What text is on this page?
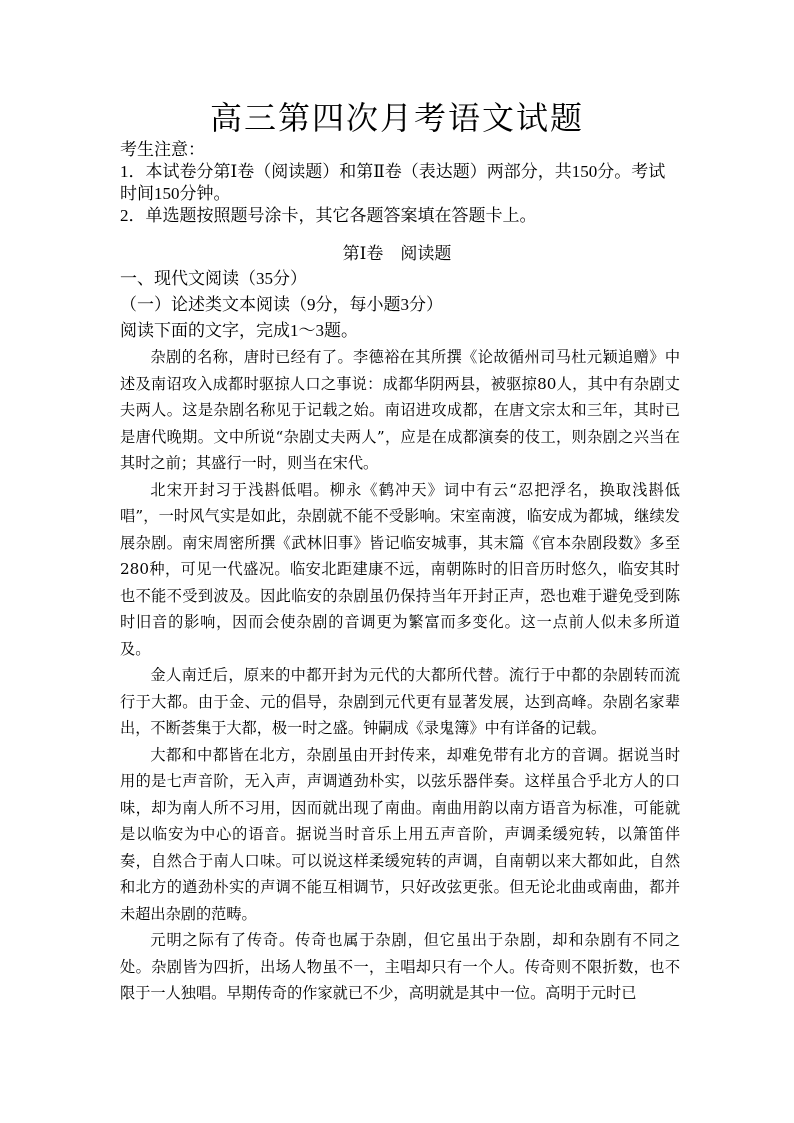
高三第四次月考语文试题
考生注意：
1．本试卷分第Ⅰ卷（阅读题）和第Ⅱ卷（表达题）两部分，共150分。考试时间150分钟。
2．单选题按照题号涂卡，其它各题答案填在答题卡上。
第Ⅰ卷　阅读题
一、现代文阅读（35分）
（一）论述类文本阅读（9分，每小题3分）
阅读下面的文字，完成1～3题。

杂剧的名称，唐时已经有了。李德裕在其所撰《论故循州司马杜元颖追赠》中述及南诏攻入成都时驱掠人口之事说：成都华阴两县，被驱掠80人，其中有杂剧丈夫两人。这是杂剧名称见于记载之始。南诏进攻成都，在唐文宗太和三年，其时已是唐代晚期。文中所说“杂剧丈夫两人”，应是在成都演奏的伎工，则杂剧之兴当在其时之前；其盛行一时，则当在宋代。

北宋开封习于浅斟低唱。柳永《鹤冲天》词中有云“忍把浮名，换取浅斟低唱”，一时风气实是如此，杂剧就不能不受影响。宋室南渡，临安成为都城，继续发展杂剧。南宋周密所撰《武林旧事》皆记临安城事，其末篇《官本杂剧段数》多至280种，可见一代盛况。临安北距建康不远，南朝陈时的旧音历时悠久，临安其时也不能不受到波及。因此临安的杂剧虽仍保持当年开封正声，恐也难于避免受到陈时旧音的影响，因而会使杂剧的音调更为繁富而多变化。这一点前人似未多所道及。

金人南迁后，原来的中都开封为元代的大都所代替。流行于中都的杂剧转而流行于大都。由于金、元的倡导，杂剧到元代更有显著发展，达到高峰。杂剧名家辈出，不断荟集于大都，极一时之盛。钟嗣成《录鬼簿》中有详备的记载。

大都和中都皆在北方，杂剧虽由开封传来，却难免带有北方的音调。据说当时用的是七声音阶，无入声，声调遒劲朴实，以弦乐器伴奏。这样虽合乎北方人的口味，却为南人所不习用，因而就出现了南曲。南曲用韵以南方语音为标准，可能就是以临安为中心的语音。据说当时音乐上用五声音阶，声调柔缓宛转，以箫笛伴奏，自然合于南人口味。可以说这样柔缓宛转的声调，自南朝以来大都如此，自然和北方的遒劲朴实的声调不能互相调节，只好改弦更张。但无论北曲或南曲，都并未超出杂剧的范畴。

元明之际有了传奇。传奇也属于杂剧，但它虽出于杂剧，却和杂剧有不同之处。杂剧皆为四折，出场人物虽不一，主唱却只有一个人。传奇则不限折数，也不限于一人独唱。早期传奇的作家就已不少，高明就是其中一位。高明于元时已
